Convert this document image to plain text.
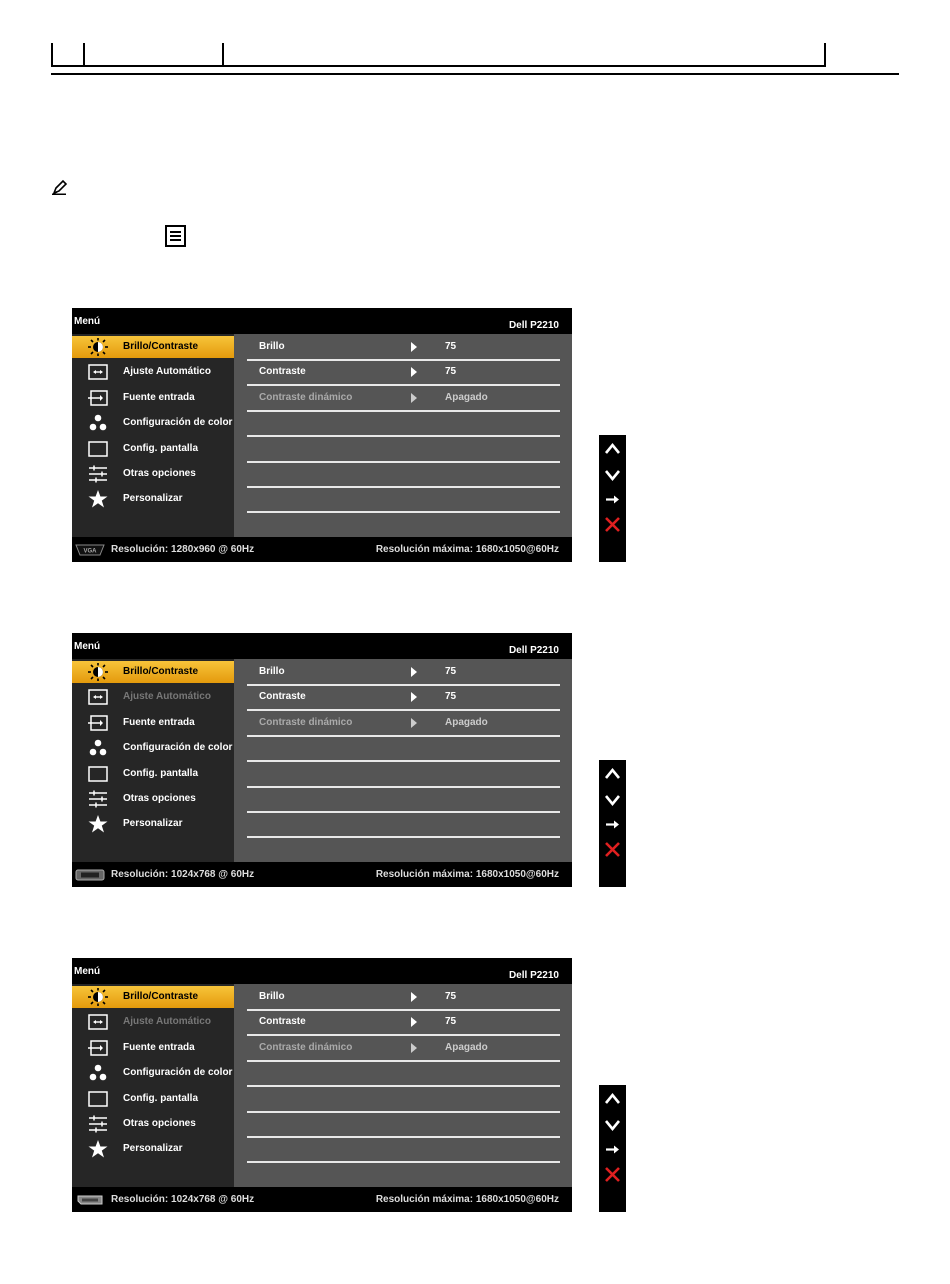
Menú	Dell P2210
Brillo/Contraste
Ajuste Automático
Fuente entrada
Configuración de color
Config. pantalla
Otras opciones
Personalizar
Brillo	75
Contraste	75
Contraste dinámico	Apagado
VGA Resolución: 1280x960 @ 60Hz	Resolución máxima: 1680x1050@60Hz
Menú	Dell P2210
Brillo/Contraste
Ajuste Automático
Fuente entrada
Configuración de color
Config. pantalla
Otras opciones
Personalizar
Brillo	75
Contraste	75
Contraste dinámico	Apagado
Resolución: 1024x768 @ 60Hz	Resolución máxima: 1680x1050@60Hz
Menú	Dell P2210
Brillo/Contraste
Ajuste Automático
Fuente entrada
Configuración de color
Config. pantalla
Otras opciones
Personalizar
Brillo	75
Contraste	75
Contraste dinámico	Apagado
Resolución: 1024x768 @ 60Hz	Resolución máxima: 1680x1050@60Hz
